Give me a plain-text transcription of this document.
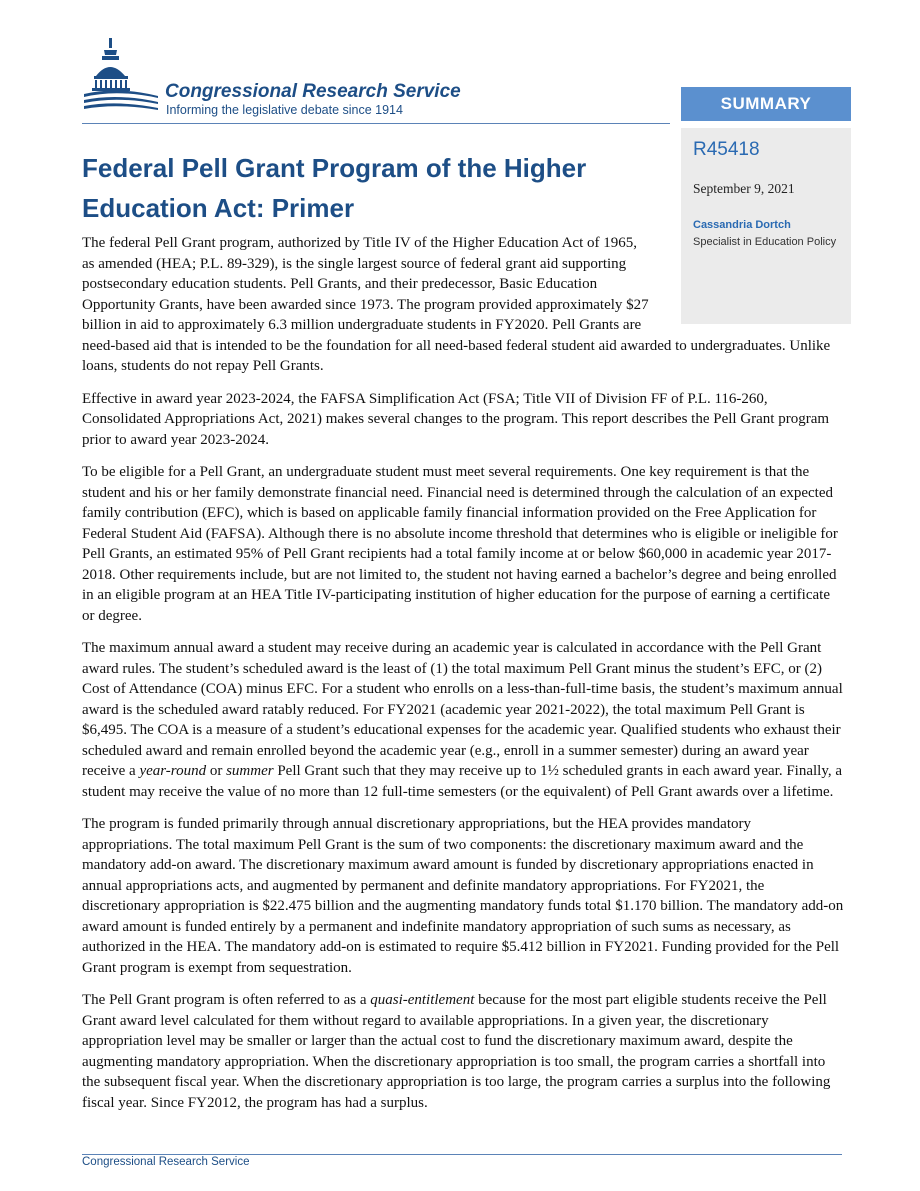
Congressional Research Service
Informing the legislative debate since 1914	SUMMARY
R45418
September 9, 2021
Cassandria Dortch
Specialist in Education Policy
Federal Pell Grant Program of the Higher Education Act: Primer

The federal Pell Grant program, authorized by Title IV of the Higher Education Act of 1965, as amended (HEA; P.L. 89-329), is the single largest source of federal grant aid supporting postsecondary education students. Pell Grants, and their predecessor, Basic Education Opportunity Grants, have been awarded since 1973. The program provided approximately $27 billion in aid to approximately 6.3 million undergraduate students in FY2020. Pell Grants are need-based aid that is intended to be the foundation for all need-based federal student aid awarded to undergraduates. Unlike loans, students do not repay Pell Grants.

Effective in award year 2023-2024, the FAFSA Simplification Act (FSA; Title VII of Division FF of P.L. 116-260, Consolidated Appropriations Act, 2021) makes several changes to the program. This report describes the Pell Grant program prior to award year 2023-2024.

To be eligible for a Pell Grant, an undergraduate student must meet several requirements. One key requirement is that the student and his or her family demonstrate financial need. Financial need is determined through the calculation of an expected family contribution (EFC), which is based on applicable family financial information provided on the Free Application for Federal Student Aid (FAFSA). Although there is no absolute income threshold that determines who is eligible or ineligible for Pell Grants, an estimated 95% of Pell Grant recipients had a total family income at or below $60,000 in academic year 2017-2018. Other requirements include, but are not limited to, the student not having earned a bachelor’s degree and being enrolled in an eligible program at an HEA Title IV-participating institution of higher education for the purpose of earning a certificate or degree.

The maximum annual award a student may receive during an academic year is calculated in accordance with the Pell Grant award rules. The student’s scheduled award is the least of (1) the total maximum Pell Grant minus the student’s EFC, or (2) Cost of Attendance (COA) minus EFC. For a student who enrolls on a less-than-full-time basis, the student’s maximum annual award is the scheduled award ratably reduced. For FY2021 (academic year 2021-2022), the total maximum Pell Grant is $6,495. The COA is a measure of a student’s educational expenses for the academic year. Qualified students who exhaust their scheduled award and remain enrolled beyond the academic year (e.g., enroll in a summer semester) during an award year receive a year-round or summer Pell Grant such that they may receive up to 1½ scheduled grants in each award year. Finally, a student may receive the value of no more than 12 full-time semesters (or the equivalent) of Pell Grant awards over a lifetime.

The program is funded primarily through annual discretionary appropriations, but the HEA provides mandatory appropriations. The total maximum Pell Grant is the sum of two components: the discretionary maximum award and the mandatory add-on award. The discretionary maximum award amount is funded by discretionary appropriations enacted in annual appropriations acts, and augmented by permanent and definite mandatory appropriations. For FY2021, the discretionary appropriation is $22.475 billion and the augmenting mandatory funds total $1.170 billion. The mandatory add-on award amount is funded entirely by a permanent and indefinite mandatory appropriation of such sums as necessary, as authorized in the HEA. The mandatory add-on is estimated to require $5.412 billion in FY2021. Funding provided for the Pell Grant program is exempt from sequestration.

The Pell Grant program is often referred to as a quasi-entitlement because for the most part eligible students receive the Pell Grant award level calculated for them without regard to available appropriations. In a given year, the discretionary appropriation level may be smaller or larger than the actual cost to fund the discretionary maximum award, despite the augmenting mandatory appropriation. When the discretionary appropriation is too small, the program carries a shortfall into the subsequent fiscal year. When the discretionary appropriation is too large, the program carries a surplus into the following fiscal year. Since FY2012, the program has had a surplus.

Congressional Research Service
